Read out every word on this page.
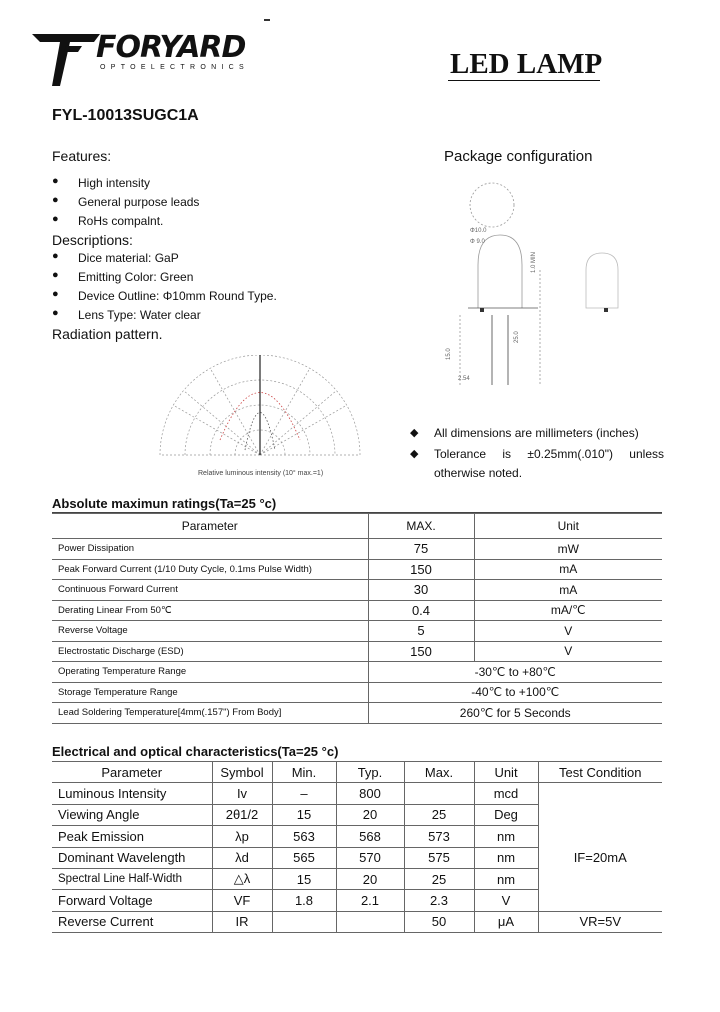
FORYARD
OPTOELECTRONICS	LED LAMP
FYL-10013SUGC1A
Features:
● High intensity
● General purpose leads
● RoHs compalnt.
Descriptions:
● Dice material: GaP
● Emitting Color: Green
● Device Outline: Φ10mm Round Type.
● Lens Type: Water clear
Radiation pattern.
Relative luminous intensity (10° max.=1)
Package configuration
Φ10.0
Φ 9.0
1.0 MIN
25.0
15.0
2.54
◆ All dimensions are millimeters (inches)
◆ Tolerance   is   ±0.25mm(.010")   unless otherwise noted.
Absolute maximun ratings(Ta=25 °c)
Parameter	MAX.	Unit
Power Dissipation	75	mW
Peak Forward Current (1/10 Duty Cycle, 0.1ms Pulse Width)	150	mA
Continuous Forward Current	30	mA
Derating Linear From 50℃	0.4	mA/℃
Reverse Voltage	5	V
Electrostatic Discharge (ESD)	150	V
Operating Temperature Range	-30℃ to +80℃	
Storage Temperature Range	-40℃ to +100℃	
Lead Soldering Temperature[4mm(.157") From Body]	260℃ for 5 Seconds	
Electrical and optical characteristics(Ta=25 °c)
Parameter	Symbol	Min.	Typ.	Max.	Unit	Test Condition
Luminous Intensity	Iv	–	800		mcd	
Viewing Angle	2θ1/2	15	20	25	Deg	IF=20mA
Peak Emission	λp	563	568	573	nm	
Dominant Wavelength	λd	565	570	575	nm	
Spectral Line Half-Width	△λ	15	20	25	nm	
Forward Voltage	VF	1.8	2.1	2.3	V	
Reverse Current	IR			50	μA	VR=5V
